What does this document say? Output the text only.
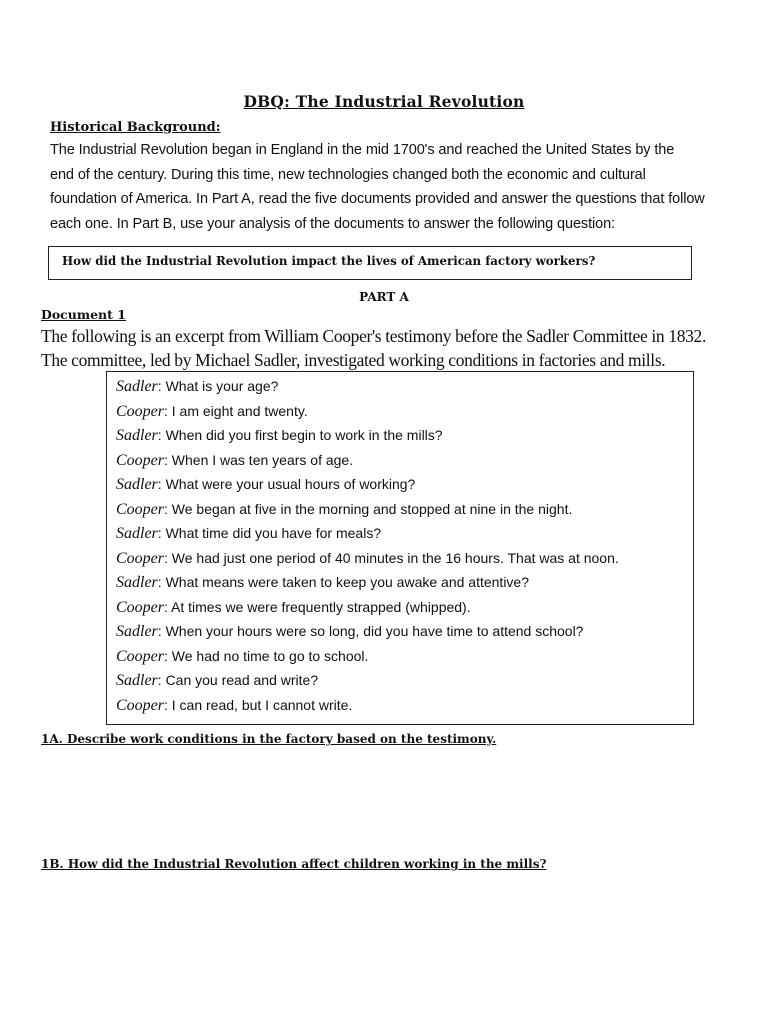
DBQ: The Industrial Revolution
Historical Background:
The Industrial Revolution began in England in the mid 1700's and reached the United States by the
end of the century. During this time, new technologies changed both the economic and cultural
foundation of America. In Part A, read the five documents provided and answer the questions that follow
each one. In Part B, use your analysis of the documents to answer the following question:
How did the Industrial Revolution impact the lives of American factory workers?
PART A
Document 1
The following is an excerpt from William Cooper's testimony before the Sadler Committee in 1832.
The committee, led by Michael Sadler, investigated working conditions in factories and mills.
Sadler: What is your age?
Cooper: I am eight and twenty.
Sadler: When did you first begin to work in the mills?
Cooper: When I was ten years of age.
Sadler: What were your usual hours of working?
Cooper: We began at five in the morning and stopped at nine in the night.
Sadler: What time did you have for meals?
Cooper: We had just one period of 40 minutes in the 16 hours. That was at noon.
Sadler: What means were taken to keep you awake and attentive?
Cooper: At times we were frequently strapped (whipped).
Sadler: When your hours were so long, did you have time to attend school?
Cooper: We had no time to go to school.
Sadler: Can you read and write?
Cooper: I can read, but I cannot write.
1A. Describe work conditions in the factory based on the testimony.
1B. How did the Industrial Revolution affect children working in the mills?
